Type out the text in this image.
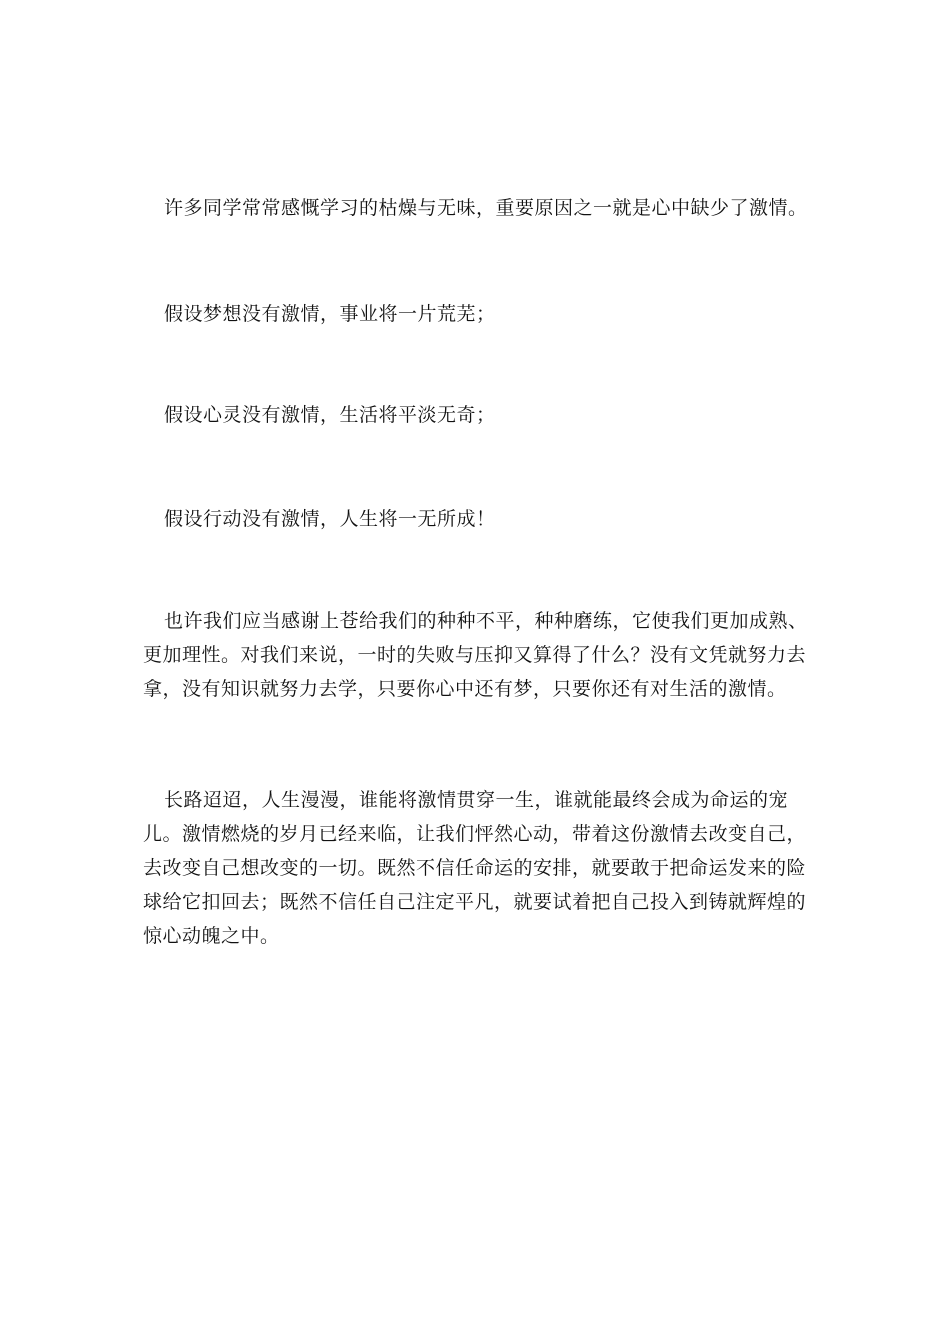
许多同学常常感慨学习的枯燥与无味，重要原因之一就是心中缺少了激情。

假设梦想没有激情，事业将一片荒芜；

假设心灵没有激情，生活将平淡无奇；

假设行动没有激情，人生将一无所成！

也许我们应当感谢上苍给我们的种种不平，种种磨练，它使我们更加成熟、更加理性。对我们来说，一时的失败与压抑又算得了什么？没有文凭就努力去拿，没有知识就努力去学，只要你心中还有梦，只要你还有对生活的激情。

长路迢迢，人生漫漫，谁能将激情贯穿一生，谁就能最终会成为命运的宠儿。激情燃烧的岁月已经来临，让我们怦然心动，带着这份激情去改变自己，去改变自己想改变的一切。既然不信任命运的安排，就要敢于把命运发来的险球给它扣回去；既然不信任自己注定平凡，就要试着把自己投入到铸就辉煌的惊心动魄之中。
